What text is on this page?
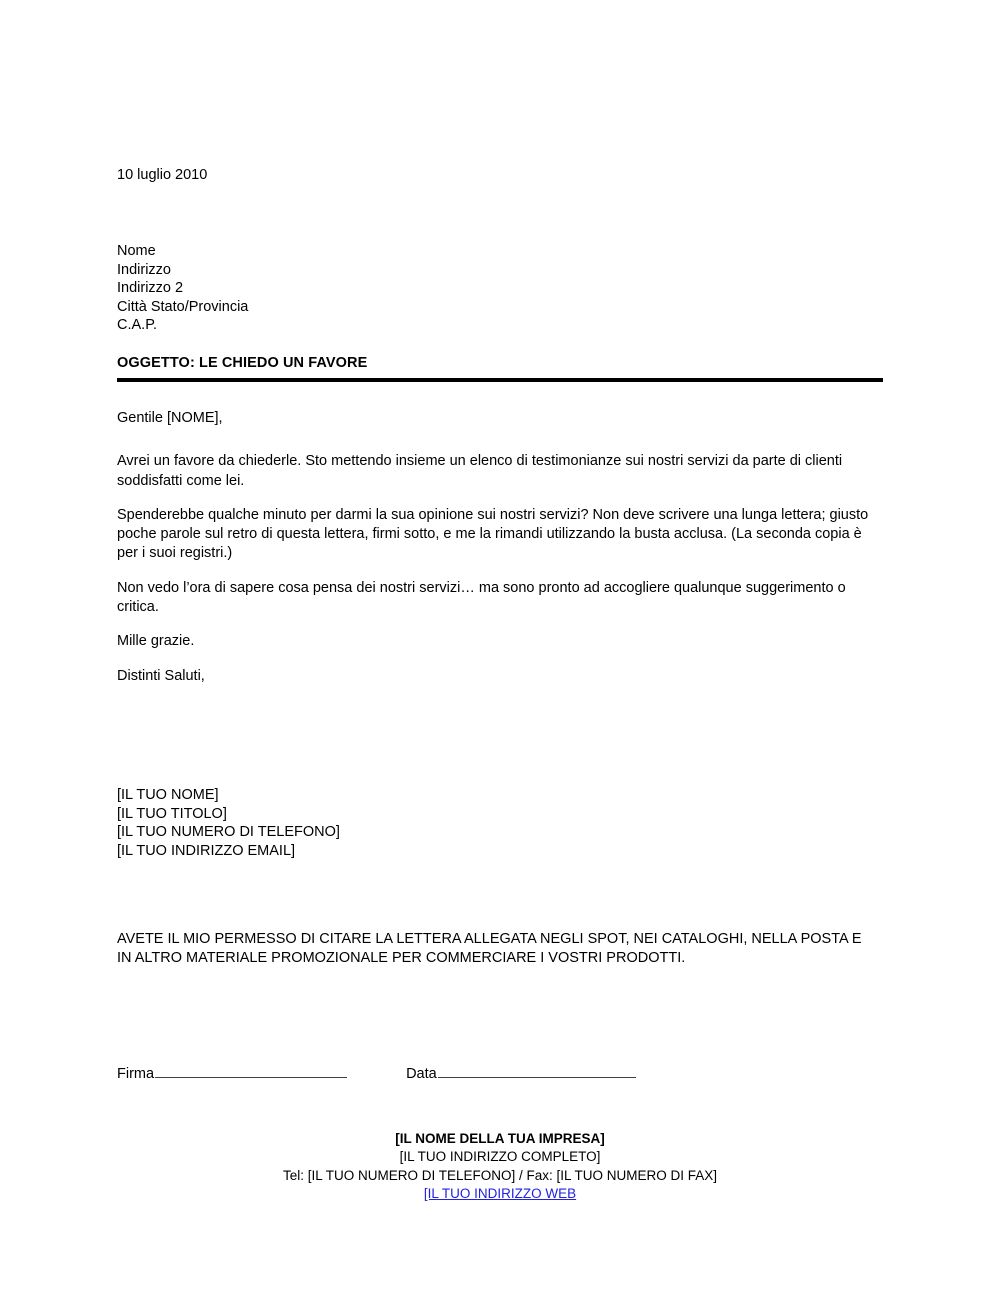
10 luglio 2010
Nome
Indirizzo
Indirizzo 2
Città Stato/Provincia
C.A.P.
OGGETTO: LE CHIEDO UN FAVORE

Gentile [NOME],

Avrei un favore da chiederle. Sto mettendo insieme un elenco di testimonianze sui nostri servizi da parte di clienti soddisfatti come lei.

Spenderebbe qualche minuto per darmi la sua opinione sui nostri servizi? Non deve scrivere una lunga lettera; giusto poche parole sul retro di questa lettera, firmi sotto, e me la rimandi utilizzando la busta acclusa. (La seconda copia è per i suoi registri.)

Non vedo l’ora di sapere cosa pensa dei nostri servizi… ma sono pronto ad accogliere qualunque suggerimento o critica.

Mille grazie.

Distinti Saluti,

[IL TUO NOME]
[IL TUO TITOLO]
[IL TUO NUMERO DI TELEFONO]
[IL TUO INDIRIZZO EMAIL]
AVETE IL MIO PERMESSO DI CITARE LA LETTERA ALLEGATA NEGLI SPOT, NEI CATALOGHI, NELLA POSTA E IN ALTRO MATERIALE PROMOZIONALE PER COMMERCIARE I VOSTRI PRODOTTI.
Firma	Data
[IL NOME DELLA TUA IMPRESA]
[IL TUO INDIRIZZO COMPLETO]
Tel: [IL TUO NUMERO DI TELEFONO] / Fax: [IL TUO NUMERO DI FAX]
[IL TUO INDIRIZZO WEB
